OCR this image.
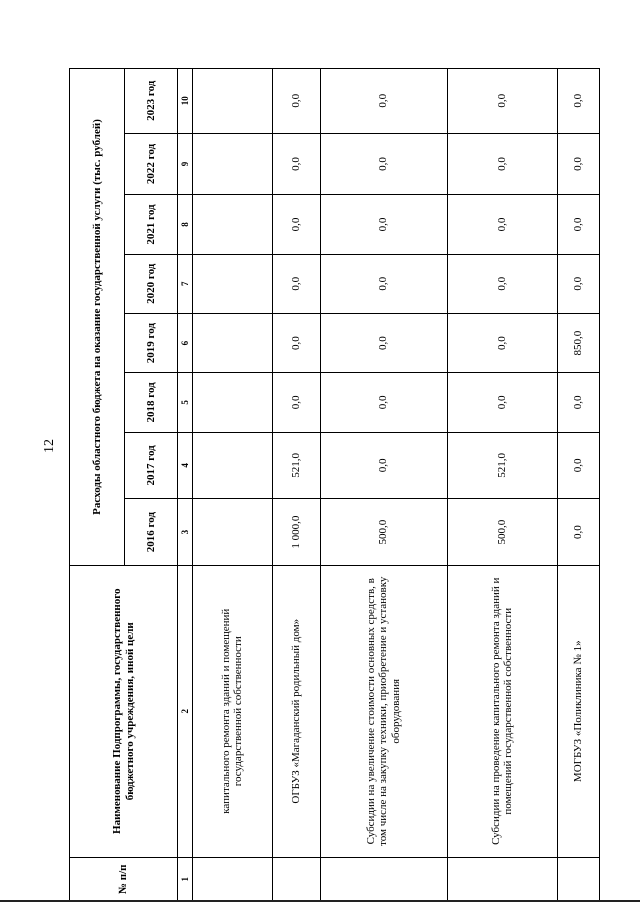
12
№ п/п	Наименование Подпрограммы, государственного бюджетного учреждения, иной цели	Расходы областного бюджета на оказание государственной услуги (тыс. рублей)							
		2016 год	2017 год	2018 год	2019 год	2020 год	2021 год	2022 год	2023 год
1	2	3	4	5	6	7	8	9	10
	капитального ремонта зданий и помещений государственной собственности								
	ОГБУЗ «Магаданский родильный дом»	1 000,0	521,0	0,0	0,0	0,0	0,0	0,0	0,0
	Субсидии на увеличение стоимости основных средств, в том числе на закупку техники, приобретение и установку оборудования	500,0	0,0	0,0	0,0	0,0	0,0	0,0	0,0
	Субсидии на проведение капитального ремонта зданий и помещений государственной собственности	500,0	521,0	0,0	0,0	0,0	0,0	0,0	0,0
	МОГБУЗ «Поликлиника № 1»	0,0	0,0	0,0	850,0	0,0	0,0	0,0	0,0
